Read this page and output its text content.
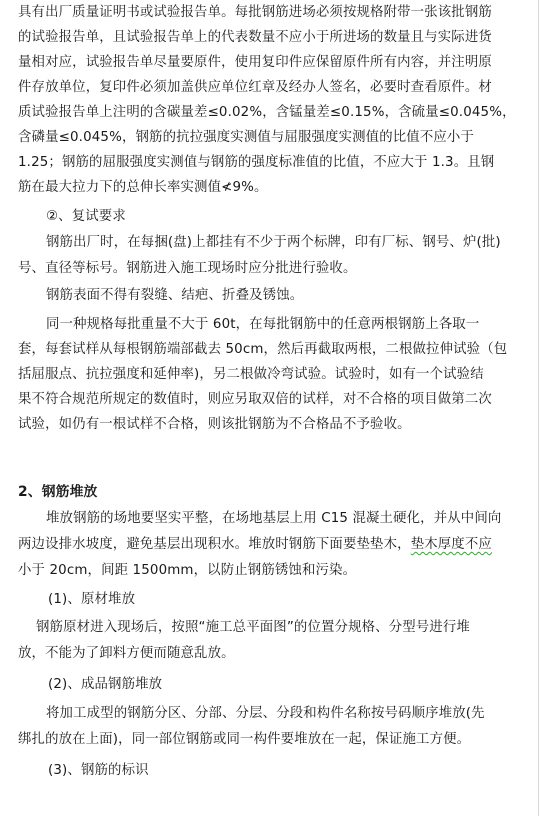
具有出厂质量证明书或试验报告单。每批钢筋进场必须按规格附带一张该批钢筋
的试验报告单，且试验报告单上的代表数量不应小于所进场的数量且与实际进货
量相对应，试验报告单尽量要原件，使用复印件应保留原件所有内容，并注明原
件存放单位，复印件必须加盖供应单位红章及经办人签名，必要时查看原件。材
质试验报告单上注明的含碳量差≤0.02%，含锰量差≤0.15%，含硫量≤0.045%，
含磷量≤0.045%，钢筋的抗拉强度实测值与屈服强度实测值的比值不应小于
1.25；钢筋的屈服强度实测值与钢筋的强度标准值的比值，不应大于 1.3。且钢
筋在最大拉力下的总伸长率实测值≮9%。
②、复试要求
钢筋出厂时，在每捆(盘)上都挂有不少于两个标牌，印有厂标、钢号、炉(批)
号、直径等标号。钢筋进入施工现场时应分批进行验收。
钢筋表面不得有裂缝、结疤、折叠及锈蚀。
同一种规格每批重量不大于 60t，在每批钢筋中的任意两根钢筋上各取一
套，每套试样从每根钢筋端部截去 50cm，然后再截取两根，二根做拉伸试验（包
括屈服点、抗拉强度和延伸率)，另二根做冷弯试验。试验时，如有一个试验结
果不符合规范所规定的数值时，则应另取双倍的试样，对不合格的项目做第二次
试验，如仍有一根试样不合格，则该批钢筋为不合格品不予验收。
2、钢筋堆放
堆放钢筋的场地要坚实平整，在场地基层上用 C15 混凝土硬化，并从中间向
两边设排水坡度，避免基层出现积水。堆放时钢筋下面要垫垫木，垫木厚度不应
小于 20cm，间距 1500mm，以防止钢筋锈蚀和污染。
(1)、原材堆放
钢筋原材进入现场后，按照“施工总平面图”的位置分规格、分型号进行堆
放，不能为了卸料方便而随意乱放。
(2)、成品钢筋堆放
将加工成型的钢筋分区、分部、分层、分段和构件名称按号码顺序堆放(先
绑扎的放在上面)，同一部位钢筋或同一构件要堆放在一起，保证施工方便。
(3)、钢筋的标识
